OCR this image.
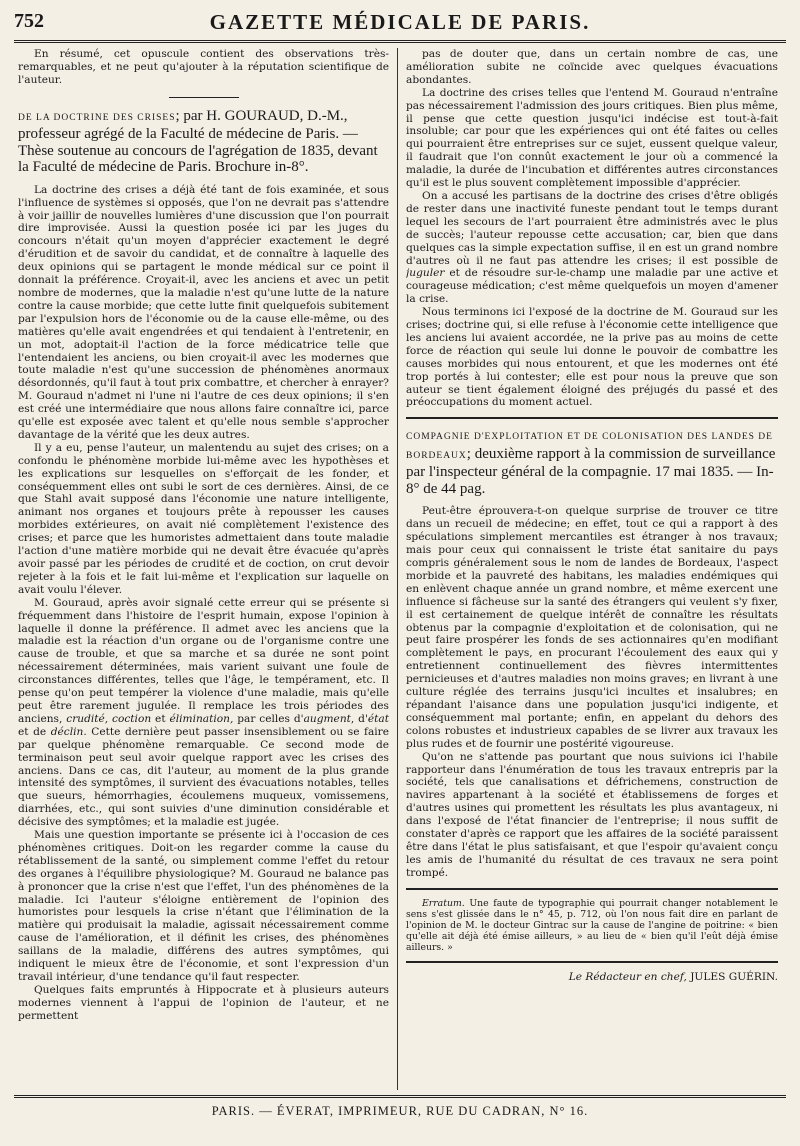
GAZETTE MÉDICALE DE PARIS.
752

En résumé, cet opuscule contient des observations très-remarquables, et ne peut qu'ajouter à la réputation scientifique de l'auteur.

DE LA DOCTRINE DES CRISES; par H. GOURAUD, D.-M., professeur agrégé de la Faculté de médecine de Paris. — Thèse soutenue au concours de l'agrégation de 1835, devant la Faculté de médecine de Paris. Brochure in-8°.

La doctrine des crises a déjà été tant de fois examinée, et sous l'influence de systèmes si opposés, que l'on ne devrait pas s'attendre à voir jaillir de nouvelles lumières d'une discussion que l'on pourrait dire improvisée. Aussi la question posée ici par les juges du concours n'était qu'un moyen d'apprécier exactement le degré d'érudition et de savoir du candidat, et de connaître à laquelle des deux opinions qui se partagent le monde médical sur ce point il donnait la préférence. Croyait-il, avec les anciens et avec un petit nombre de modernes, que la maladie n'est qu'une lutte de la nature contre la cause morbide; que cette lutte finit quelquefois subitement par l'expulsion hors de l'économie ou de la cause elle-même, ou des matières qu'elle avait engendrées et qui tendaient à l'entretenir, en un mot, adoptait-il l'action de la force médicatrice telle que l'entendaient les anciens, ou bien croyait-il avec les modernes que toute maladie n'est qu'une succession de phénomènes anormaux désordonnés, qu'il faut à tout prix combattre, et chercher à enrayer? M. Gouraud n'admet ni l'une ni l'autre de ces deux opinions; il s'en est créé une intermédiaire que nous allons faire connaître ici, parce qu'elle est exposée avec talent et qu'elle nous semble s'approcher davantage de la vérité que les deux autres.

Il y a eu, pense l'auteur, un malentendu au sujet des crises; on a confondu le phénomène morbide lui-même avec les hypothèses et les explications sur lesquelles on s'efforçait de les fonder, et conséquemment elles ont subi le sort de ces dernières. Ainsi, de ce que Stahl avait supposé dans l'économie une nature intelligente, animant nos organes et toujours prête à repousser les causes morbides extérieures, on avait nié complètement l'existence des crises; et parce que les humoristes admettaient dans toute maladie l'action d'une matière morbide qui ne devait être évacuée qu'après avoir passé par les périodes de crudité et de coction, on crut devoir rejeter à la fois et le fait lui-même et l'explication sur laquelle on avait voulu l'élever.

M. Gouraud, après avoir signalé cette erreur qui se présente si fréquemment dans l'histoire de l'esprit humain, expose l'opinion à laquelle il donne la préférence. Il admet avec les anciens que la maladie est la réaction d'un organe ou de l'organisme contre une cause de trouble, et que sa marche et sa durée ne sont point nécessairement déterminées, mais varient suivant une foule de circonstances différentes, telles que l'âge, le tempérament, etc. Il pense qu'on peut tempérer la violence d'une maladie, mais qu'elle peut être rarement jugulée. Il remplace les trois périodes des anciens, crudité, coction et élimination, par celles d'augment, d'état et de déclin. Cette dernière peut passer insensiblement ou se faire par quelque phénomène remarquable. Ce second mode de terminaison peut seul avoir quelque rapport avec les crises des anciens. Dans ce cas, dit l'auteur, au moment de la plus grande intensité des symptômes, il survient des évacuations notables, telles que sueurs, hémorrhagies, écoulemens muqueux, vomissemens, diarrhées, etc., qui sont suivies d'une diminution considérable et décisive des symptômes; et la maladie est jugée.

Mais une question importante se présente ici à l'occasion de ces phénomènes critiques. Doit-on les regarder comme la cause du rétablissement de la santé, ou simplement comme l'effet du retour des organes à l'équilibre physiologique? M. Gouraud ne balance pas à prononcer que la crise n'est que l'effet, l'un des phénomènes de la maladie. Ici l'auteur s'éloigne entièrement de l'opinion des humoristes pour lesquels la crise n'étant que l'élimination de la matière qui produisait la maladie, agissait nécessairement comme cause de l'amélioration, et il définit les crises, des phénomènes saillans de la maladie, différens des autres symptômes, qui indiquent le mieux être de l'économie, et sont l'expression d'un travail intérieur, d'une tendance qu'il faut respecter.

Quelques faits empruntés à Hippocrate et à plusieurs auteurs modernes viennent à l'appui de l'opinion de l'auteur, et ne permettent

pas de douter que, dans un certain nombre de cas, une amélioration subite ne coïncide avec quelques évacuations abondantes.

La doctrine des crises telles que l'entend M. Gouraud n'entraîne pas nécessairement l'admission des jours critiques. Bien plus même, il pense que cette question jusqu'ici indécise est tout-à-fait insoluble; car pour que les expériences qui ont été faites ou celles qui pourraient être entreprises sur ce sujet, eussent quelque valeur, il faudrait que l'on connût exactement le jour où a commencé la maladie, la durée de l'incubation et différentes autres circonstances qu'il est le plus souvent complètement impossible d'apprécier.

On a accusé les partisans de la doctrine des crises d'être obligés de rester dans une inactivité funeste pendant tout le temps durant lequel les secours de l'art pourraient être administrés avec le plus de succès; l'auteur repousse cette accusation; car, bien que dans quelques cas la simple expectation suffise, il en est un grand nombre d'autres où il ne faut pas attendre les crises; il est possible de juguler et de résoudre sur-le-champ une maladie par une active et courageuse médication; c'est même quelquefois un moyen d'amener la crise.

Nous terminons ici l'exposé de la doctrine de M. Gouraud sur les crises; doctrine qui, si elle refuse à l'économie cette intelligence que les anciens lui avaient accordée, ne la prive pas au moins de cette force de réaction qui seule lui donne le pouvoir de combattre les causes morbides qui nous entourent, et que les modernes ont été trop portés à lui contester; elle est pour nous la preuve que son auteur se tient également éloigné des préjugés du passé et des préoccupations du moment actuel.

COMPAGNIE D'EXPLOITATION ET DE COLONISATION DES LANDES DE BORDEAUX; deuxième rapport à la commission de surveillance par l'inspecteur général de la compagnie. 17 mai 1835. — In-8° de 44 pag.

Peut-être éprouvera-t-on quelque surprise de trouver ce titre dans un recueil de médecine; en effet, tout ce qui a rapport à des spéculations simplement mercantiles est étranger à nos travaux; mais pour ceux qui connaissent le triste état sanitaire du pays compris généralement sous le nom de landes de Bordeaux, l'aspect morbide et la pauvreté des habitans, les maladies endémiques qui en enlèvent chaque année un grand nombre, et même exercent une influence si fâcheuse sur la santé des étrangers qui veulent s'y fixer, il est certainement de quelque intérêt de connaître les résultats obtenus par la compagnie d'exploitation et de colonisation, qui ne peut faire prospérer les fonds de ses actionnaires qu'en modifiant complètement le pays, en procurant l'écoulement des eaux qui y entretiennent continuellement des fièvres intermittentes pernicieuses et d'autres maladies non moins graves; en livrant à une culture réglée des terrains jusqu'ici incultes et insalubres; en répandant l'aisance dans une population jusqu'ici indigente, et conséquemment mal portante; enfin, en appelant du dehors des colons robustes et industrieux capables de se livrer aux travaux les plus rudes et de fournir une postérité vigoureuse.

Qu'on ne s'attende pas pourtant que nous suivions ici l'habile rapporteur dans l'énumération de tous les travaux entrepris par la société, tels que canalisations et défrichemens, construction de navires appartenant à la société et établissemens de forges et d'autres usines qui promettent les résultats les plus avantageux, ni dans l'exposé de l'état financier de l'entreprise; il nous suffit de constater d'après ce rapport que les affaires de la société paraissent être dans l'état le plus satisfaisant, et que l'espoir qu'avaient conçu les amis de l'humanité du résultat de ces travaux ne sera point trompé.

Erratum. Une faute de typographie qui pourrait changer notablement le sens s'est glissée dans le n° 45, p. 712, où l'on nous fait dire en parlant de l'opinion de M. le docteur Gintrac sur la cause de l'angine de poitrine: « bien qu'elle ait déjà été émise ailleurs, » au lieu de « bien qu'il l'eût déjà émise ailleurs. »

Le Rédacteur en chef, JULES GUÉRIN.

PARIS. — ÉVERAT, IMPRIMEUR, RUE DU CADRAN, N° 16.
